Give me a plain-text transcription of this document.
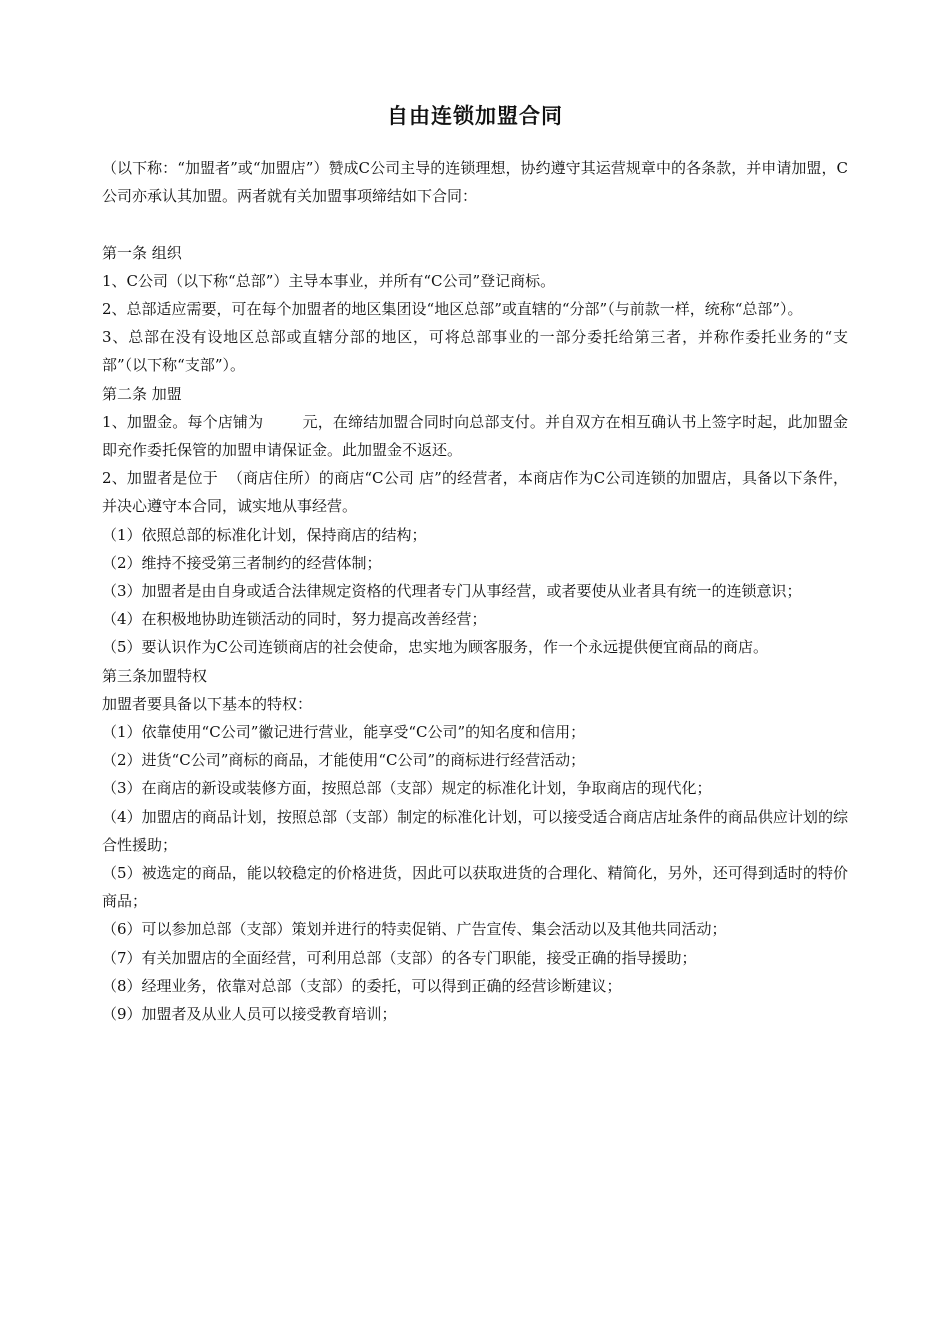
自由连锁加盟合同

（以下称：“加盟者”或“加盟店”）赞成C公司主导的连锁理想，协约遵守其运营规章中的各条款，并申请加盟，C公司亦承认其加盟。两者就有关加盟事项缔结如下合同：

第一条 组织

1、C公司（以下称“总部”）主导本事业，并所有“C公司”登记商标。

2、总部适应需要，可在每个加盟者的地区集团设“地区总部”或直辖的“分部”（与前款一样，统称“总部”）。

3、总部在没有设地区总部或直辖分部的地区，可将总部事业的一部分委托给第三者，并称作委托业务的“支部”（以下称“支部”）。

第二条 加盟

1、加盟金。每个店铺为        元，在缔结加盟合同时向总部支付。并自双方在相互确认书上签字时起，此加盟金即充作委托保管的加盟申请保证金。此加盟金不返还。

2、加盟者是位于  （商店住所）的商店“C公司 店”的经营者，本商店作为C公司连锁的加盟店，具备以下条件，并决心遵守本合同，诚实地从事经营。

（1）依照总部的标准化计划，保持商店的结构；

（2）维持不接受第三者制约的经营体制；

（3）加盟者是由自身或适合法律规定资格的代理者专门从事经营，或者要使从业者具有统一的连锁意识；

（4）在积极地协助连锁活动的同时，努力提高改善经营；

（5）要认识作为C公司连锁商店的社会使命，忠实地为顾客服务，作一个永远提供便宜商品的商店。

第三条加盟特权

加盟者要具备以下基本的特权：

（1）依靠使用“C公司”徽记进行营业，能享受“C公司”的知名度和信用；

（2）进货“C公司”商标的商品，才能使用“C公司”的商标进行经营活动；

（3）在商店的新设或装修方面，按照总部（支部）规定的标准化计划，争取商店的现代化；

（4）加盟店的商品计划，按照总部（支部）制定的标准化计划，可以接受适合商店店址条件的商品供应计划的综合性援助；

（5）被选定的商品，能以较稳定的价格进货，因此可以获取进货的合理化、精简化，另外，还可得到适时的特价商品；

（6）可以参加总部（支部）策划并进行的特卖促销、广告宣传、集会活动以及其他共同活动；

（7）有关加盟店的全面经营，可利用总部（支部）的各专门职能，接受正确的指导援助；

（8）经理业务，依靠对总部（支部）的委托，可以得到正确的经营诊断建议；

（9）加盟者及从业人员可以接受教育培训；
